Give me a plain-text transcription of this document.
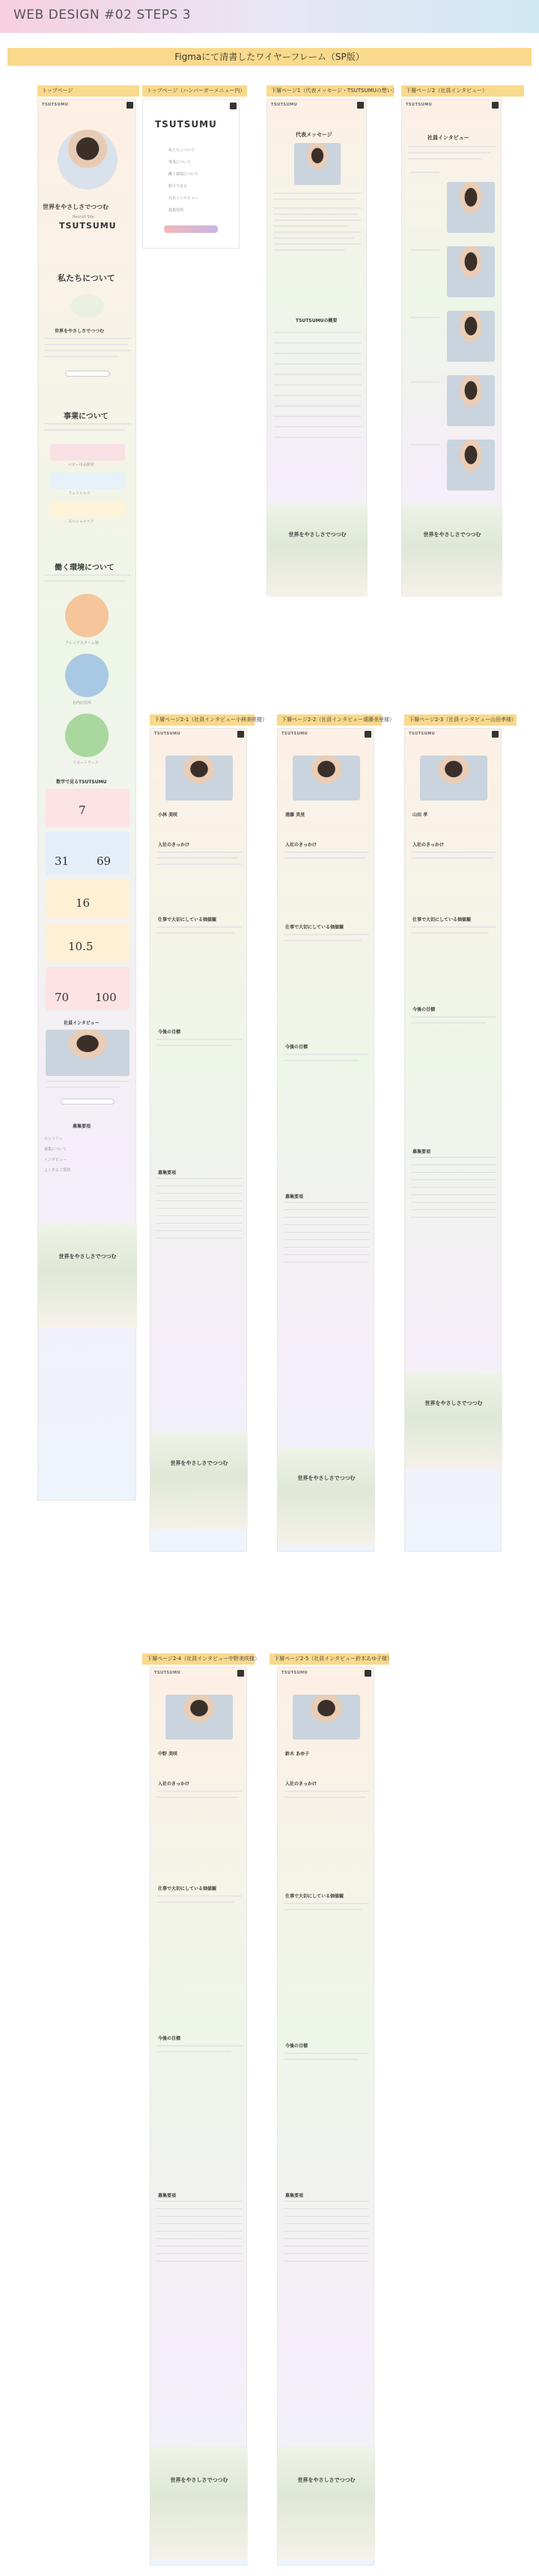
WEB DESIGN #02 STEPS 3
Figmaにて清書したワイヤーフレーム（SP版）
トップページ	トップページ（ハンバーガーメニュー内）	下層ページ1（代表メッセージ・TSUTSUMUの想い）	下層ページ2（社員インタビュー）
TSUTSUMU
世界をやさしさでつつむ
Recruit Site
TSUTSUMU
私たちについて
世界をやさしさでつつむ
事業について
ベビー用品開発
フェイシャル
スペシャルケア
働く環境について
フレックスタイム制
社内託児所
リモートワーク
数字で見るTSUTSUMU
7
31 69
16
10.5
70 100
社員インタビュー
募集要項
エントリー
募集について
インタビュー
よくあるご質問
世界をやさしさでつつむ
TSUTSUMU
私たちについて
事業について
働く環境について
数字で見る
社員インタビュー
募集要項
TSUTSUMU
代表メッセージ
TSUTSUMUの概要
世界をやさしさでつつむ
TSUTSUMU
社員インタビュー
世界をやさしさでつつむ
下層ページ2-1（社員インタビュー小林美咲様）	下層ページ2-2（社員インタビュー遠藤美里様）	下層ページ2-3（社員インタビュー山田孝様）
TSUTSUMU
小林 美咲
入社のきっかけ
仕事で大切にしている価値観
今後の目標
募集要項
世界をやさしさでつつむ
TSUTSUMU
遠藤 美里
入社のきっかけ
仕事で大切にしている価値観
今後の目標
募集要項
世界をやさしさでつつむ
TSUTSUMU
山田 孝
入社のきっかけ
仕事で大切にしている価値観
今後の目標
募集要項
世界をやさしさでつつむ
下層ページ2-4（社員インタビュー中野美咲様）	下層ページ2-5（社員インタビュー鈴木あゆ子様）
TSUTSUMU
中野 美咲
入社のきっかけ
仕事で大切にしている価値観
今後の目標
募集要項
世界をやさしさでつつむ
TSUTSUMU
鈴木 あゆ子
入社のきっかけ
仕事で大切にしている価値観
今後の目標
募集要項
世界をやさしさでつつむ
